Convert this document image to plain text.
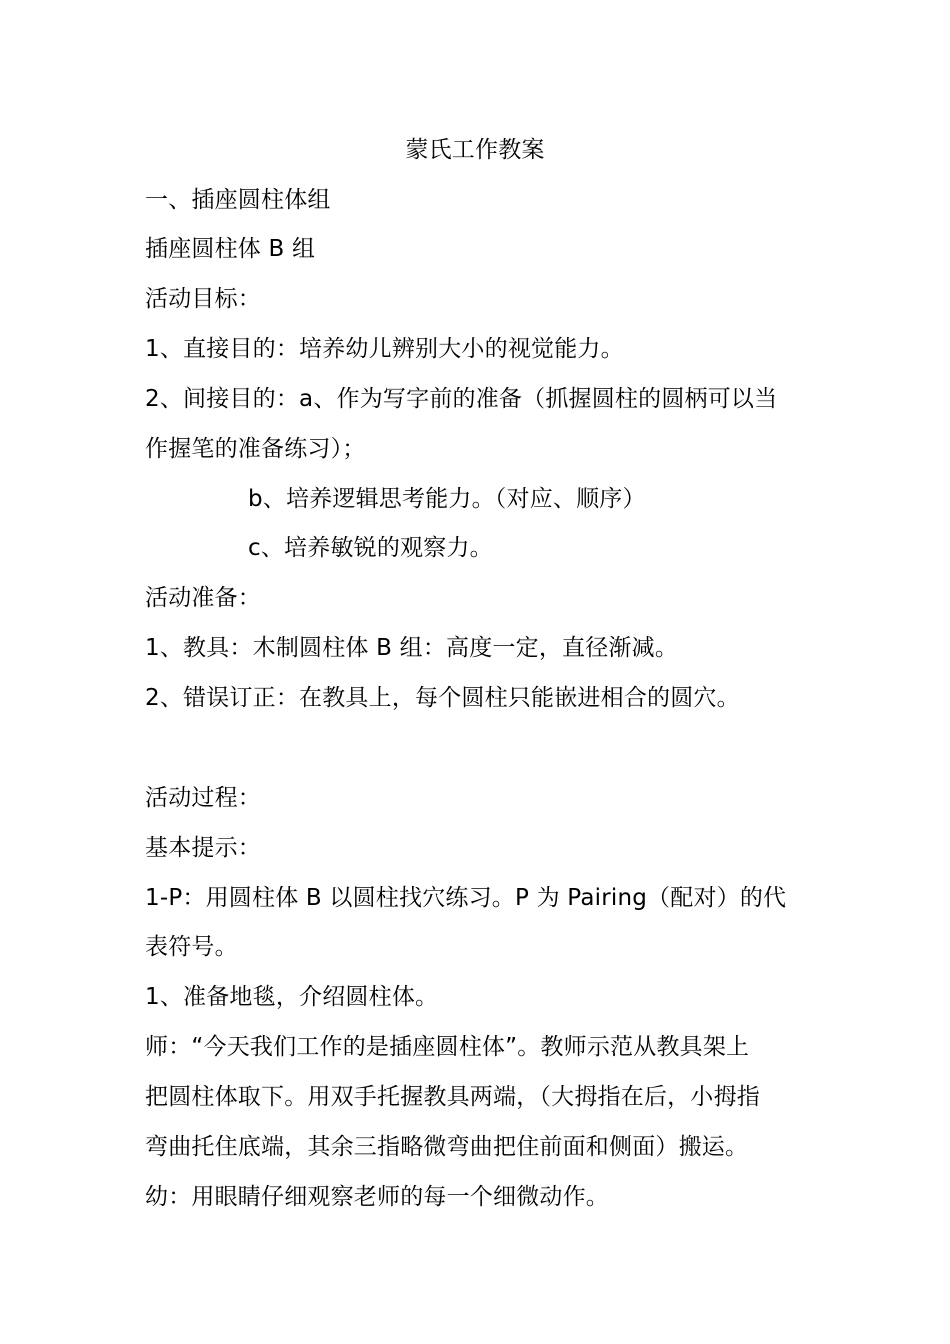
蒙氏工作教案
一、插座圆柱体组
插座圆柱体 B 组
活动目标：
1、直接目的：培养幼儿辨别大小的视觉能力。
2、间接目的：a、作为写字前的准备（抓握圆柱的圆柄可以当
作握笔的准备练习）；
b、培养逻辑思考能力。（对应、顺序）
c、培养敏锐的观察力。
活动准备：
1、教具：木制圆柱体 B 组：高度一定，直径渐减。
2、错误订正：在教具上，每个圆柱只能嵌进相合的圆穴。
活动过程：
基本提示：
1-P：用圆柱体 B 以圆柱找穴练习。P 为 Pairing（配对）的代
表符号。
1、准备地毯，介绍圆柱体。
师：“今天我们工作的是插座圆柱体”。教师示范从教具架上
把圆柱体取下。用双手托握教具两端，（大拇指在后，小拇指
弯曲托住底端，其余三指略微弯曲把住前面和侧面）搬运。
幼：用眼睛仔细观察老师的每一个细微动作。
